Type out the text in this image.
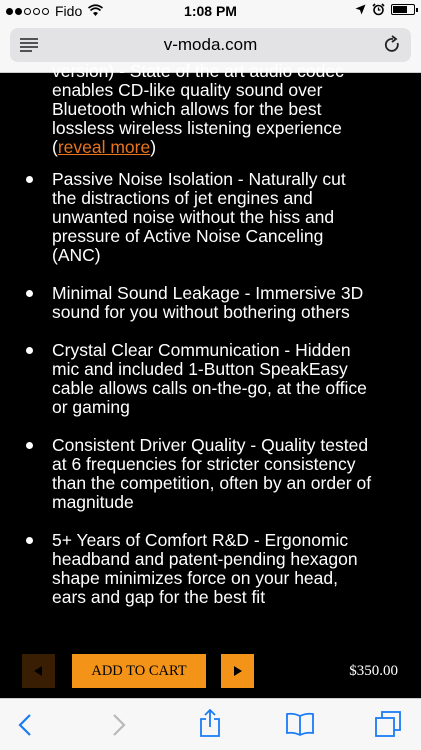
Fido	1:08 PM
v-moda.com
version) - State of the art audio codec enables CD-like quality sound over Bluetooth which allows for the best lossless wireless listening experience (reveal more)
Passive Noise Isolation - Naturally cut the distractions of jet engines and unwanted noise without the hiss and pressure of Active Noise Canceling (ANC)
Minimal Sound Leakage - Immersive 3D sound for you without bothering others
Crystal Clear Communication - Hidden mic and included 1-Button SpeakEasy cable allows calls on-the-go, at the office or gaming
Consistent Driver Quality - Quality tested at 6 frequencies for stricter consistency than the competition, often by an order of magnitude
5+ Years of Comfort R&D - Ergonomic headband and patent-pending hexagon shape minimizes force on your head, ears and gap for the best fit
ADD TO CART	$350.00
